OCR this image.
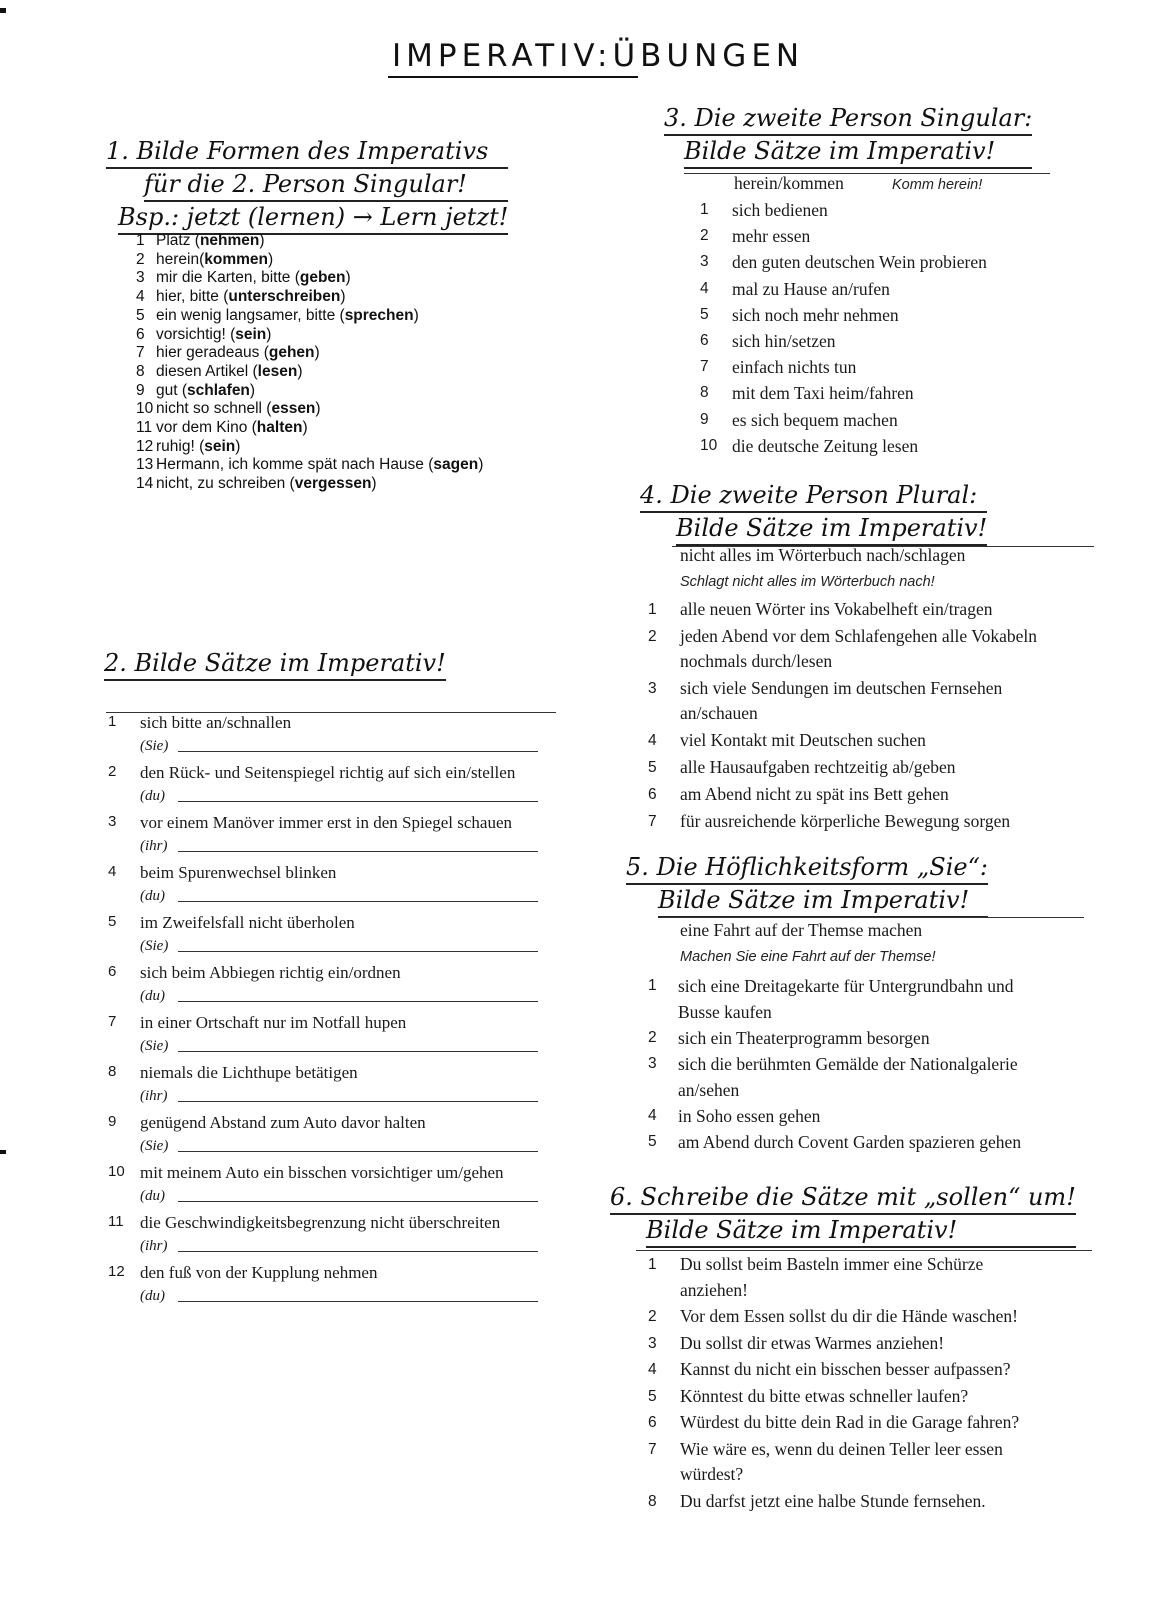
IMPERATIV:ÜBUNGEN
1. Bilde Formen des Imperativs
für die 2. Person Singular!
Bsp.: jetzt (lernen) → Lern jetzt!
1 Platz (nehmen)
2 herein(kommen)
3 mir die Karten, bitte (geben)
4 hier, bitte (unterschreiben)
5 ein wenig langsamer, bitte (sprechen)
6 vorsichtig! (sein)
7 hier geradeaus (gehen)
8 diesen Artikel (lesen)
9 gut (schlafen)
10 nicht so schnell (essen)
11 vor dem Kino (halten)
12 ruhig! (sein)
13 Hermann, ich komme spät nach Hause (sagen)
14 nicht, zu schreiben (vergessen)
2. Bilde Sätze im Imperativ!
1 sich bitte an/schnallen
(Sie)
2 den Rück- und Seitenspiegel richtig auf sich ein/stellen
(du)
3 vor einem Manöver immer erst in den Spiegel schauen
(ihr)
4 beim Spurenwechsel blinken
(du)
5 im Zweifelsfall nicht überholen
(Sie)
6 sich beim Abbiegen richtig ein/ordnen
(du)
7 in einer Ortschaft nur im Notfall hupen
(Sie)
8 niemals die Lichthupe betätigen
(ihr)
9 genügend Abstand zum Auto davor halten
(Sie)
10 mit meinem Auto ein bisschen vorsichtiger um/gehen
(du)
11 die Geschwindigkeitsbegrenzung nicht überschreiten
(ihr)
12 den fuß von der Kupplung nehmen
(du)
3. Die zweite Person Singular:
Bilde Sätze im Imperativ!
herein/kommen	Komm herein!
1 sich bedienen
2 mehr essen
3 den guten deutschen Wein probieren
4 mal zu Hause an/rufen
5 sich noch mehr nehmen
6 sich hin/setzen
7 einfach nichts tun
8 mit dem Taxi heim/fahren
9 es sich bequem machen
10 die deutsche Zeitung lesen
4. Die zweite Person Plural:
Bilde Sätze im Imperativ!
nicht alles im Wörterbuch nach/schlagen
Schlagt nicht alles im Wörterbuch nach!
1 alle neuen Wörter ins Vokabelheft ein/tragen
2 jeden Abend vor dem Schlafengehen alle Vokabeln
nochmals durch/lesen
3 sich viele Sendungen im deutschen Fernsehen
an/schauen
4 viel Kontakt mit Deutschen suchen
5 alle Hausaufgaben rechtzeitig ab/geben
6 am Abend nicht zu spät ins Bett gehen
7 für ausreichende körperliche Bewegung sorgen
5. Die Höflichkeitsform „Sie“:
Bilde Sätze im Imperativ!
eine Fahrt auf der Themse machen
Machen Sie eine Fahrt auf der Themse!
1 sich eine Dreitagekarte für Untergrundbahn und
Busse kaufen
2 sich ein Theaterprogramm besorgen
3 sich die berühmten Gemälde der Nationalgalerie
an/sehen
4 in Soho essen gehen
5 am Abend durch Covent Garden spazieren gehen
6. Schreibe die Sätze mit „sollen“ um!
Bilde Sätze im Imperativ!
1 Du sollst beim Basteln immer eine Schürze
anziehen!
2 Vor dem Essen sollst du dir die Hände waschen!
3 Du sollst dir etwas Warmes anziehen!
4 Kannst du nicht ein bisschen besser aufpassen?
5 Könntest du bitte etwas schneller laufen?
6 Würdest du bitte dein Rad in die Garage fahren?
7 Wie wäre es, wenn du deinen Teller leer essen
würdest?
8 Du darfst jetzt eine halbe Stunde fernsehen.
